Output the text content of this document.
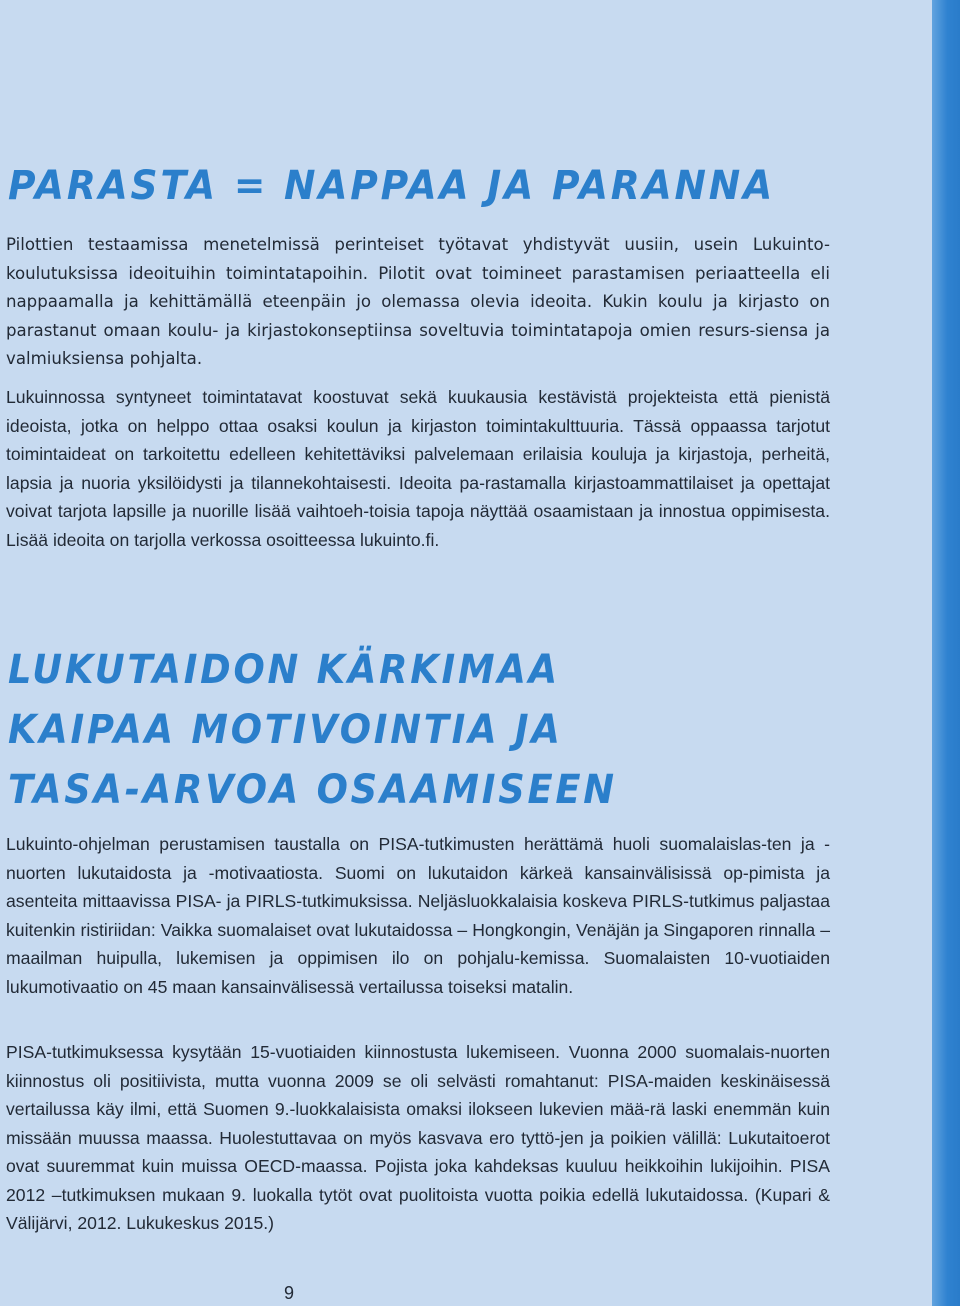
PARASTA = NAPPAA JA PARANNA

Pilottien testaamissa menetelmissä perinteiset työtavat yhdistyvät uusiin, usein Lukuinto-koulutuksissa ideoituihin toimintatapoihin. Pilotit ovat toimineet parastamisen periaatteella eli nappaamalla ja kehittämällä eteenpäin jo olemassa olevia ideoita. Kukin koulu ja kirjasto on parastanut omaan koulu- ja kirjastokonseptiinsa soveltuvia toimintatapoja omien resurs-siensa ja valmiuksiensa pohjalta.

Lukuinnossa syntyneet toimintatavat koostuvat sekä kuukausia kestävistä projekteista että pienistä ideoista, jotka on helppo ottaa osaksi koulun ja kirjaston toimintakulttuuria. Tässä oppaassa tarjotut toimintaideat on tarkoitettu edelleen kehitettäviksi palvelemaan erilaisia kouluja ja kirjastoja, perheitä, lapsia ja nuoria yksilöidysti ja tilannekohtaisesti. Ideoita pa-rastamalla kirjastoammattilaiset ja opettajat voivat tarjota lapsille ja nuorille lisää vaihtoeh-toisia tapoja näyttää osaamistaan ja innostua oppimisesta. Lisää ideoita on tarjolla verkossa osoitteessa lukuinto.fi.

LUKUTAIDON KÄRKIMAA
KAIPAA MOTIVOINTIA JA
TASA-ARVOA OSAAMISEEN

Lukuinto-ohjelman perustamisen taustalla on PISA-tutkimusten herättämä huoli suomalaislas-ten ja -nuorten lukutaidosta ja -motivaatiosta. Suomi on lukutaidon kärkeä kansainvälisissä op-pimista ja asenteita mittaavissa PISA- ja PIRLS-tutkimuksissa. Neljäsluokkalaisia koskeva PIRLS-tutkimus paljastaa kuitenkin ristiriidan: Vaikka suomalaiset ovat lukutaidossa – Hongkongin, Venäjän ja Singaporen rinnalla – maailman huipulla, lukemisen ja oppimisen ilo on pohjalu-kemissa. Suomalaisten 10-vuotiaiden lukumotivaatio on 45 maan kansainvälisessä vertailussa toiseksi matalin.

PISA-tutkimuksessa kysytään 15-vuotiaiden kiinnostusta lukemiseen. Vuonna 2000 suomalais-nuorten kiinnostus oli positiivista, mutta vuonna 2009 se oli selvästi romahtanut: PISA-maiden keskinäisessä vertailussa käy ilmi, että Suomen 9.-luokkalaisista omaksi ilokseen lukevien mää-rä laski enemmän kuin missään muussa maassa. Huolestuttavaa on myös kasvava ero tyttö-jen ja poikien välillä: Lukutaitoerot ovat suuremmat kuin muissa OECD-maassa. Pojista joka kahdeksas kuuluu heikkoihin lukijoihin. PISA 2012 –tutkimuksen mukaan 9. luokalla tytöt ovat puolitoista vuotta poikia edellä lukutaidossa. (Kupari & Välijärvi, 2012. Lukukeskus 2015.)

9
